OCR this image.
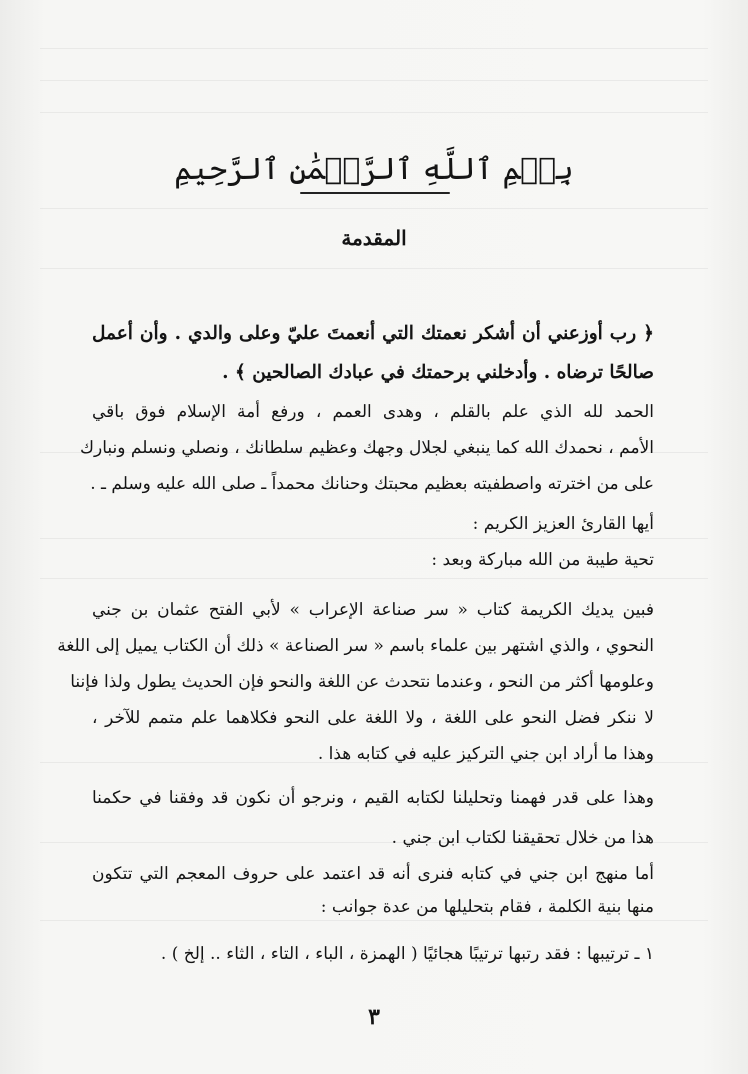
بِسۡمِ ٱللَّهِ ٱلرَّحۡمَٰنِ ٱلرَّحِيمِ
المقدمة
﴿ رب أوزعني أن أشكر نعمتك التي أنعمتَ عليّ وعلى والدي . وأن أعمل
صالحًا ترضاه . وأدخلني برحمتك في عبادك الصالحين ﴾ .
الحمد لله الذي علم بالقلم ، وهدى العمم ، ورفع أمة الإسلام فوق باقي
الأمم ، نحمدك الله كما ينبغي لجلال وجهك وعظيم سلطانك ، ونصلي ونسلم ونبارك
على من اخترته واصطفيته بعظيم محبتك وحنانك محمداً ـ صلى الله عليه وسلم ـ .
أيها القارئ العزيز الكريم :
تحية طيبة من الله مباركة وبعد :
فبين يديك الكريمة كتاب « سر صناعة الإعراب » لأبي الفتح عثمان بن جني
النحوي ، والذي اشتهر بين علماء باسم « سر الصناعة » ذلك أن الكتاب يميل إلى اللغة
وعلومها أكثر من النحو ، وعندما نتحدث عن اللغة والنحو فإن الحديث يطول ولذا فإننا
لا ننكر فضل النحو على اللغة ، ولا اللغة على النحو فكلاهما علم متمم للآخر ،
وهذا ما أراد ابن جني التركيز عليه في كتابه هذا .
وهذا على قدر فهمنا وتحليلنا لكتابه القيم ، ونرجو أن نكون قد وفقنا في حكمنا
هذا من خلال تحقيقنا لكتاب ابن جني .
أما منهج ابن جني في كتابه فنرى أنه قد اعتمد على حروف المعجم التي تتكون
منها بنية الكلمة ، فقام بتحليلها من عدة جوانب :
١ ـ ترتيبها : فقد رتبها ترتيبًا هجائيًا ( الهمزة ، الباء ، التاء ، الثاء .. إلخ ) .
٣
